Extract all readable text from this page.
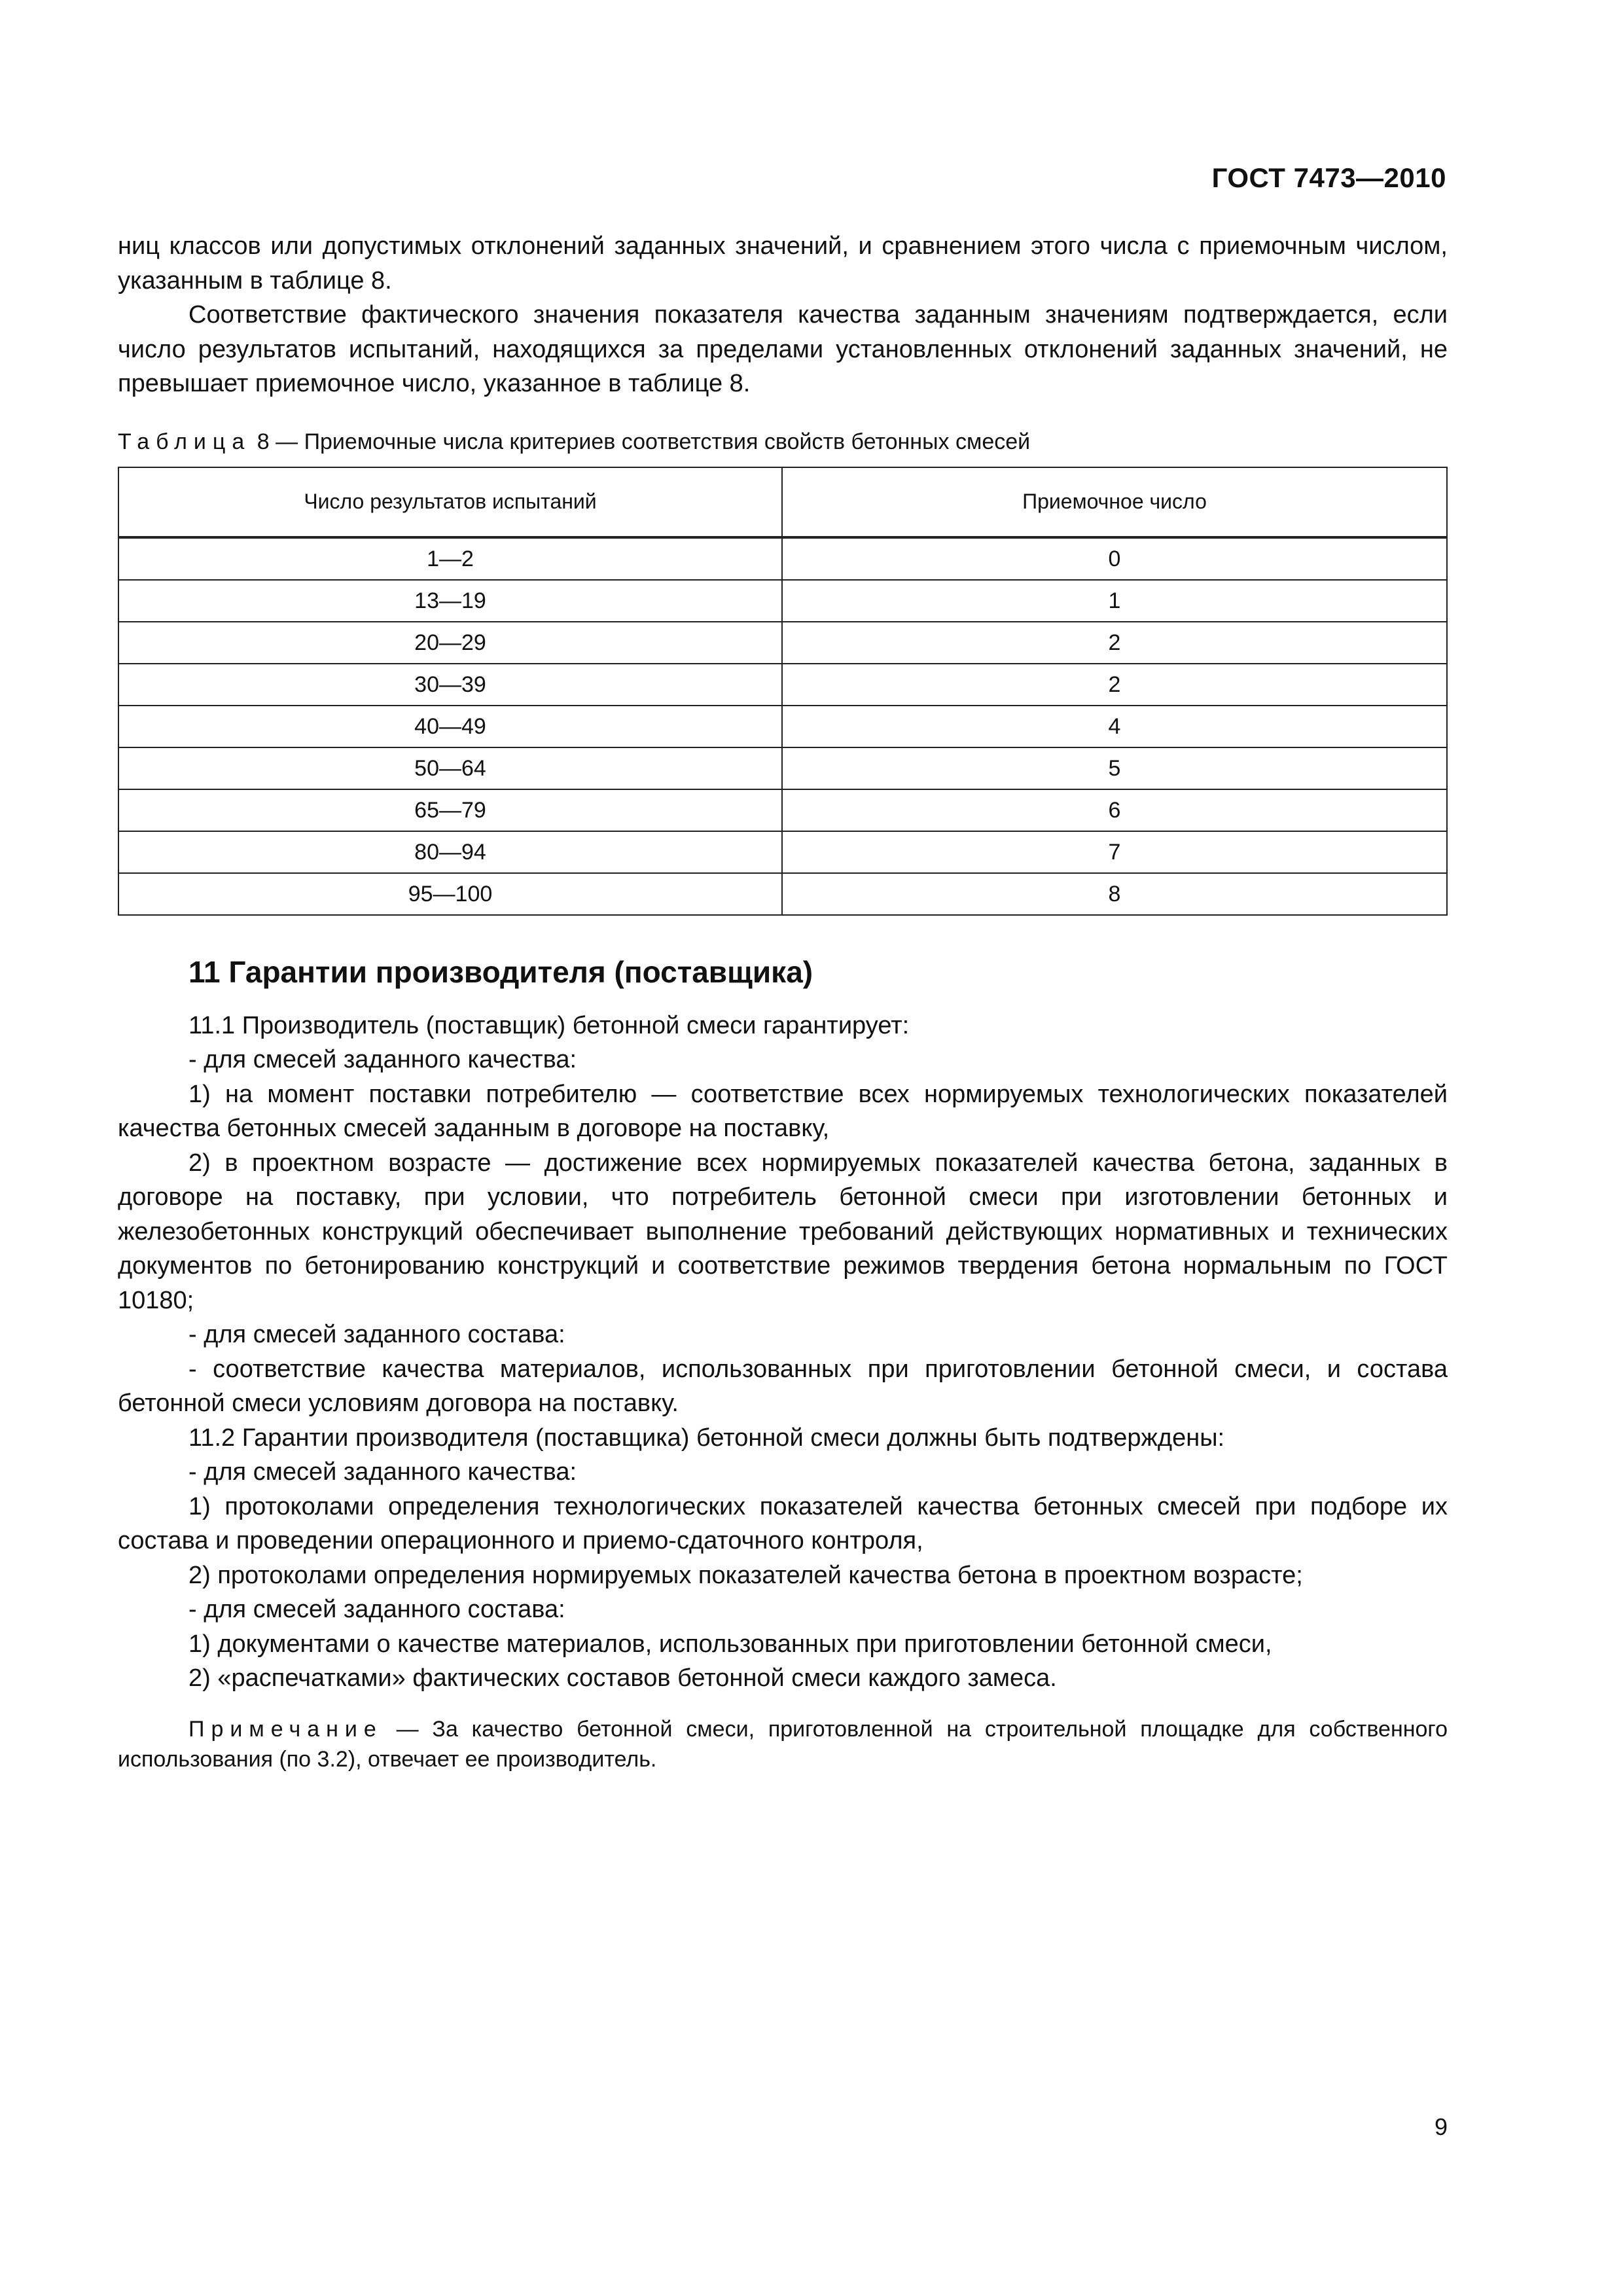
ГОСТ 7473—2010

ниц классов или допустимых отклонений заданных значений, и сравнением этого числа с приемочным числом, указанным в таблице 8.

Соответствие фактического значения показателя качества заданным значениям подтверждается, если число результатов испытаний, находящихся за пределами установленных отклонений заданных значений, не превышает приемочное число, указанное в таблице 8.

Таблица 8 — Приемочные числа критериев соответствия свойств бетонных смесей
Число результатов испытаний	Приемочное число
1—2	0
13—19	1
20—29	2
30—39	2
40—49	4
50—64	5
65—79	6
80—94	7
95—100	8
11 Гарантии производителя (поставщика)

11.1 Производитель (поставщик) бетонной смеси гарантирует:

- для смесей заданного качества:

1) на момент поставки потребителю — соответствие всех нормируемых технологических показателей качества бетонных смесей заданным в договоре на поставку,

2) в проектном возрасте — достижение всех нормируемых показателей качества бетона, заданных в договоре на поставку, при условии, что потребитель бетонной смеси при изготовлении бетонных и железобетонных конструкций обеспечивает выполнение требований действующих нормативных и технических документов по бетонированию конструкций и соответствие режимов твердения бетона нормальным по ГОСТ 10180;

- для смесей заданного состава:

- соответствие качества материалов, использованных при приготовлении бетонной смеси, и состава бетонной смеси условиям договора на поставку.

11.2 Гарантии производителя (поставщика) бетонной смеси должны быть подтверждены:

- для смесей заданного качества:

1) протоколами определения технологических показателей качества бетонных смесей при подборе их состава и проведении операционного и приемо-сдаточного контроля,

2) протоколами определения нормируемых показателей качества бетона в проектном возрасте;

- для смесей заданного состава:

1) документами о качестве материалов, использованных при приготовлении бетонной смеси,

2) «распечатками» фактических составов бетонной смеси каждого замеса.

Примечание — За качество бетонной смеси, приготовленной на строительной площадке для собственного использования (по 3.2), отвечает ее производитель.
9
